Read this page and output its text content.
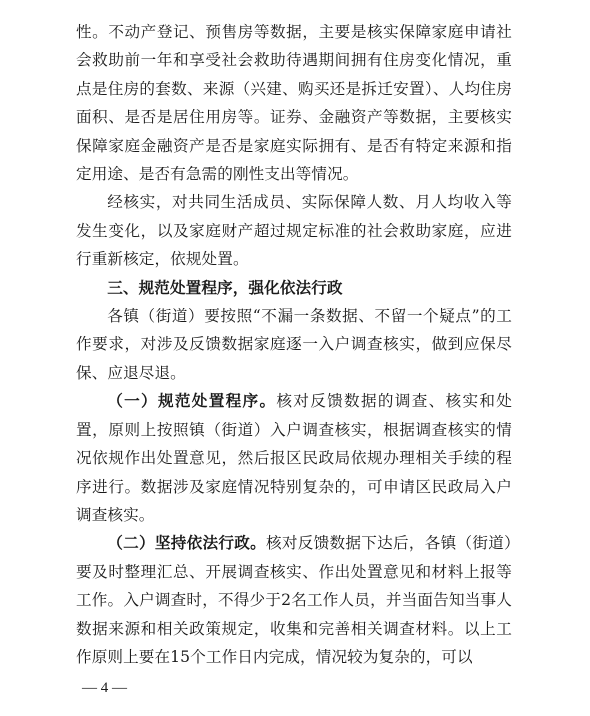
性。不动产登记、预售房等数据，主要是核实保障家庭申请社会救助前一年和享受社会救助待遇期间拥有住房变化情况，重点是住房的套数、来源（兴建、购买还是拆迁安置）、人均住房面积、是否是居住用房等。证券、金融资产等数据，主要核实保障家庭金融资产是否是家庭实际拥有、是否有特定来源和指定用途、是否有急需的刚性支出等情况。

经核实，对共同生活成员、实际保障人数、月人均收入等发生变化，以及家庭财产超过规定标准的社会救助家庭，应进行重新核定，依规处置。

三、规范处置程序，强化依法行政

各镇（街道）要按照“不漏一条数据、不留一个疑点”的工作要求，对涉及反馈数据家庭逐一入户调查核实，做到应保尽保、应退尽退。

（一）规范处置程序。核对反馈数据的调查、核实和处置，原则上按照镇（街道）入户调查核实，根据调查核实的情况依规作出处置意见，然后报区民政局依规办理相关手续的程序进行。数据涉及家庭情况特别复杂的，可申请区民政局入户调查核实。

（二）坚持依法行政。核对反馈数据下达后，各镇（街道）要及时整理汇总、开展调查核实、作出处置意见和材料上报等工作。入户调查时，不得少于2名工作人员，并当面告知当事人数据来源和相关政策规定，收集和完善相关调查材料。以上工作原则上要在15个工作日内完成，情况较为复杂的，可以

— 4 —
